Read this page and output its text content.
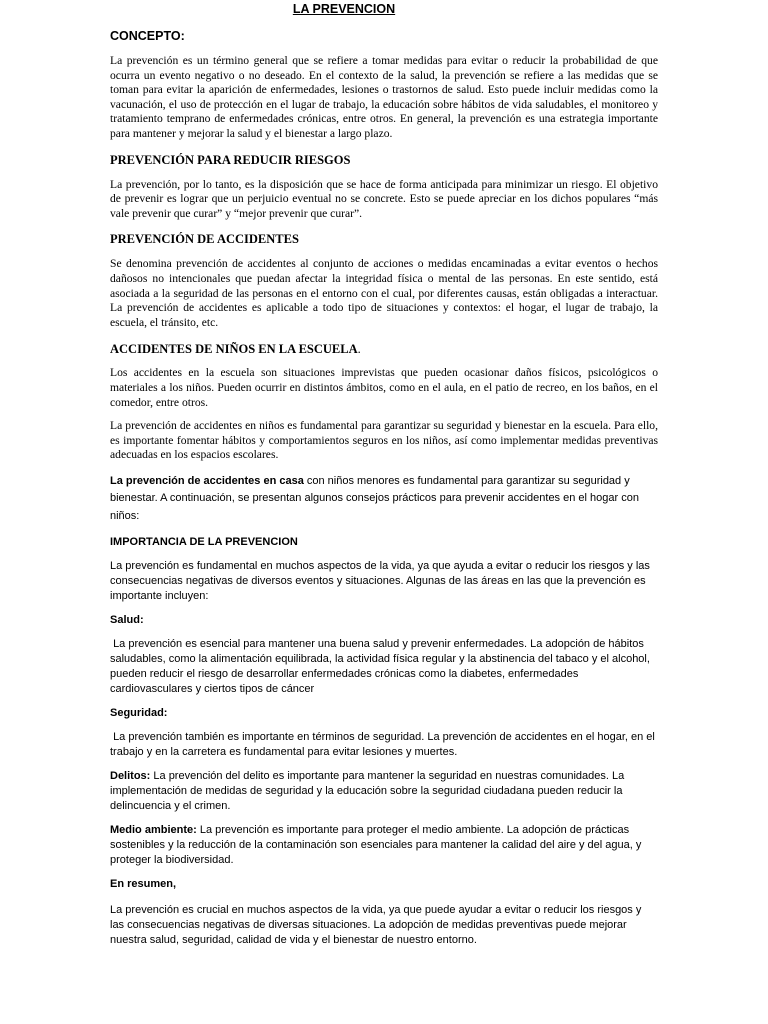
LA PREVENCION
CONCEPTO:

La prevención es un término general que se refiere a tomar medidas para evitar o reducir la probabilidad de que ocurra un evento negativo o no deseado. En el contexto de la salud, la prevención se refiere a las medidas que se toman para evitar la aparición de enfermedades, lesiones o trastornos de salud. Esto puede incluir medidas como la vacunación, el uso de protección en el lugar de trabajo, la educación sobre hábitos de vida saludables, el monitoreo y tratamiento temprano de enfermedades crónicas, entre otros. En general, la prevención es una estrategia importante para mantener y mejorar la salud y el bienestar a largo plazo.

PREVENCIÓN PARA REDUCIR RIESGOS

La prevención, por lo tanto, es la disposición que se hace de forma anticipada para minimizar un riesgo. El objetivo de prevenir es lograr que un perjuicio eventual no se concrete. Esto se puede apreciar en los dichos populares “más vale prevenir que curar” y “mejor prevenir que curar”.

PREVENCIÓN DE ACCIDENTES

Se denomina prevención de accidentes al conjunto de acciones o medidas encaminadas a evitar eventos o hechos dañosos no intencionales que puedan afectar la integridad física o mental de las personas. En este sentido, está asociada a la seguridad de las personas en el entorno con el cual, por diferentes causas, están obligadas a interactuar. La prevención de accidentes es aplicable a todo tipo de situaciones y contextos: el hogar, el lugar de trabajo, la escuela, el tránsito, etc.

ACCIDENTES DE NIÑOS EN LA ESCUELA.

Los accidentes en la escuela son situaciones imprevistas que pueden ocasionar daños físicos, psicológicos o materiales a los niños. Pueden ocurrir en distintos ámbitos, como en el aula, en el patio de recreo, en los baños, en el comedor, entre otros.

La prevención de accidentes en niños es fundamental para garantizar su seguridad y bienestar en la escuela. Para ello, es importante fomentar hábitos y comportamientos seguros en los niños, así como implementar medidas preventivas adecuadas en los espacios escolares.

La prevención de accidentes en casa con niños menores es fundamental para garantizar su seguridad y bienestar. A continuación, se presentan algunos consejos prácticos para prevenir accidentes en el hogar con niños:

IMPORTANCIA DE LA PREVENCION

La prevención es fundamental en muchos aspectos de la vida, ya que ayuda a evitar o reducir los riesgos y las consecuencias negativas de diversos eventos y situaciones. Algunas de las áreas en las que la prevención es importante incluyen:

Salud:

La prevención es esencial para mantener una buena salud y prevenir enfermedades. La adopción de hábitos saludables, como la alimentación equilibrada, la actividad física regular y la abstinencia del tabaco y el alcohol, pueden reducir el riesgo de desarrollar enfermedades crónicas como la diabetes, enfermedades cardiovasculares y ciertos tipos de cáncer

Seguridad:

La prevención también es importante en términos de seguridad. La prevención de accidentes en el hogar, en el trabajo y en la carretera es fundamental para evitar lesiones y muertes.

Delitos: La prevención del delito es importante para mantener la seguridad en nuestras comunidades. La implementación de medidas de seguridad y la educación sobre la seguridad ciudadana pueden reducir la delincuencia y el crimen.

Medio ambiente: La prevención es importante para proteger el medio ambiente. La adopción de prácticas sostenibles y la reducción de la contaminación son esenciales para mantener la calidad del aire y del agua, y proteger la biodiversidad.

En resumen,

La prevención es crucial en muchos aspectos de la vida, ya que puede ayudar a evitar o reducir los riesgos y las consecuencias negativas de diversas situaciones. La adopción de medidas preventivas puede mejorar nuestra salud, seguridad, calidad de vida y el bienestar de nuestro entorno.
